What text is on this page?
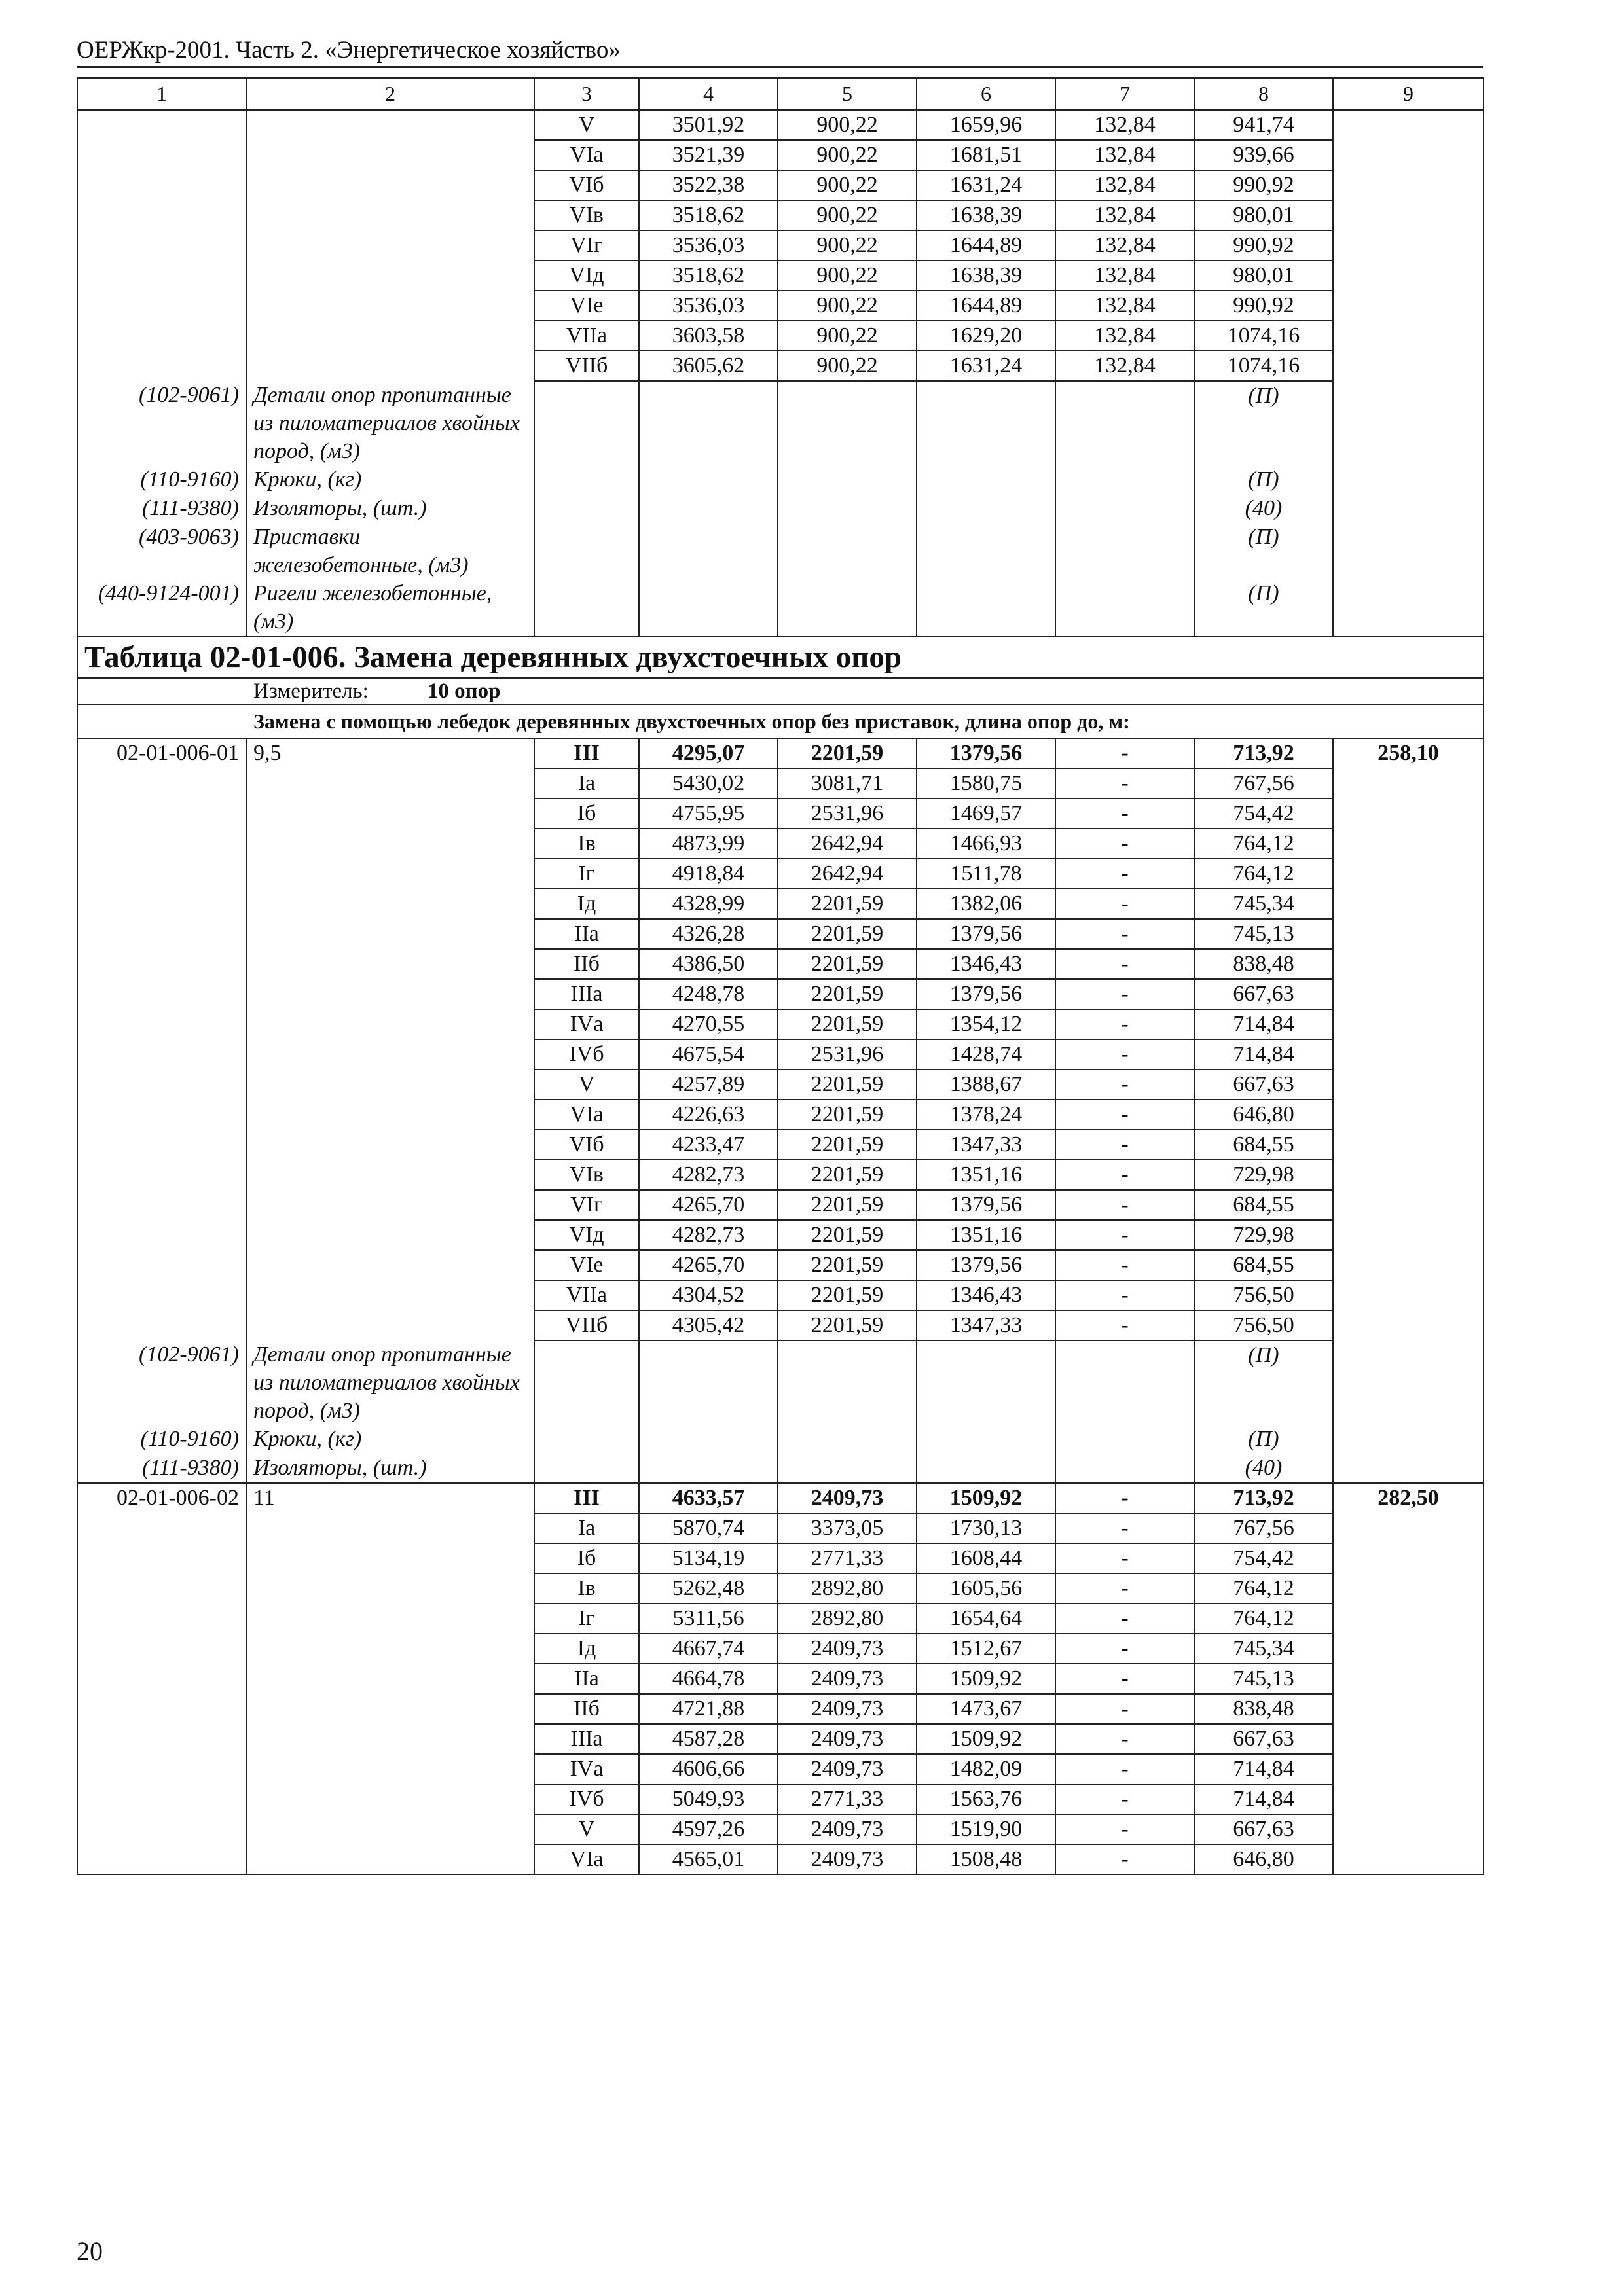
ОЕРЖкр-2001. Часть 2. «Энергетическое хозяйство»
1	2	3	4	5	6	7	8	9
		V	3501,92	900,22	1659,96	132,84	941,74	
		VIа	3521,39	900,22	1681,51	132,84	939,66	
		VIб	3522,38	900,22	1631,24	132,84	990,92	
		VIв	3518,62	900,22	1638,39	132,84	980,01	
		VIг	3536,03	900,22	1644,89	132,84	990,92	
		VIд	3518,62	900,22	1638,39	132,84	980,01	
		VIе	3536,03	900,22	1644,89	132,84	990,92	
		VIIа	3603,58	900,22	1629,20	132,84	1074,16	
		VIIб	3605,62	900,22	1631,24	132,84	1074,16	
(102-9061)	Детали опор пропитанные из пиломатериалов хвойных пород, (м3)						(П)	
(110-9160)	Крюки, (кг)						(П)	
(111-9380)	Изоляторы, (шт.)						(40)	
(403-9063)	Приставки железобетонные, (м3)						(П)	
(440-9124-001)	Ригели железобетонные, (м3)						(П)	
Таблица 02-01-006. Замена деревянных двухстоечных опор								
Измеритель: 10 опор								
Замена с помощью лебедок деревянных двухстоечных опор без приставок, длина опор до, м:								
02-01-006-01	9,5	III	4295,07	2201,59	1379,56	-	713,92	258,10
		Iа	5430,02	3081,71	1580,75	-	767,56	
		Iб	4755,95	2531,96	1469,57	-	754,42	
		Iв	4873,99	2642,94	1466,93	-	764,12	
		Iг	4918,84	2642,94	1511,78	-	764,12	
		Iд	4328,99	2201,59	1382,06	-	745,34	
		IIа	4326,28	2201,59	1379,56	-	745,13	
		IIб	4386,50	2201,59	1346,43	-	838,48	
		IIIа	4248,78	2201,59	1379,56	-	667,63	
		IVа	4270,55	2201,59	1354,12	-	714,84	
		IVб	4675,54	2531,96	1428,74	-	714,84	
		V	4257,89	2201,59	1388,67	-	667,63	
		VIа	4226,63	2201,59	1378,24	-	646,80	
		VIб	4233,47	2201,59	1347,33	-	684,55	
		VIв	4282,73	2201,59	1351,16	-	729,98	
		VIг	4265,70	2201,59	1379,56	-	684,55	
		VIд	4282,73	2201,59	1351,16	-	729,98	
		VIе	4265,70	2201,59	1379,56	-	684,55	
		VIIа	4304,52	2201,59	1346,43	-	756,50	
		VIIб	4305,42	2201,59	1347,33	-	756,50	
(102-9061)	Детали опор пропитанные из пиломатериалов хвойных пород, (м3)						(П)	
(110-9160)	Крюки, (кг)						(П)	
(111-9380)	Изоляторы, (шт.)						(40)	
02-01-006-02	11	III	4633,57	2409,73	1509,92	-	713,92	282,50
		Iа	5870,74	3373,05	1730,13	-	767,56	
		Iб	5134,19	2771,33	1608,44	-	754,42	
		Iв	5262,48	2892,80	1605,56	-	764,12	
		Iг	5311,56	2892,80	1654,64	-	764,12	
		Iд	4667,74	2409,73	1512,67	-	745,34	
		IIа	4664,78	2409,73	1509,92	-	745,13	
		IIб	4721,88	2409,73	1473,67	-	838,48	
		IIIа	4587,28	2409,73	1509,92	-	667,63	
		IVа	4606,66	2409,73	1482,09	-	714,84	
		IVб	5049,93	2771,33	1563,76	-	714,84	
		V	4597,26	2409,73	1519,90	-	667,63	
		VIа	4565,01	2409,73	1508,48	-	646,80	
20
